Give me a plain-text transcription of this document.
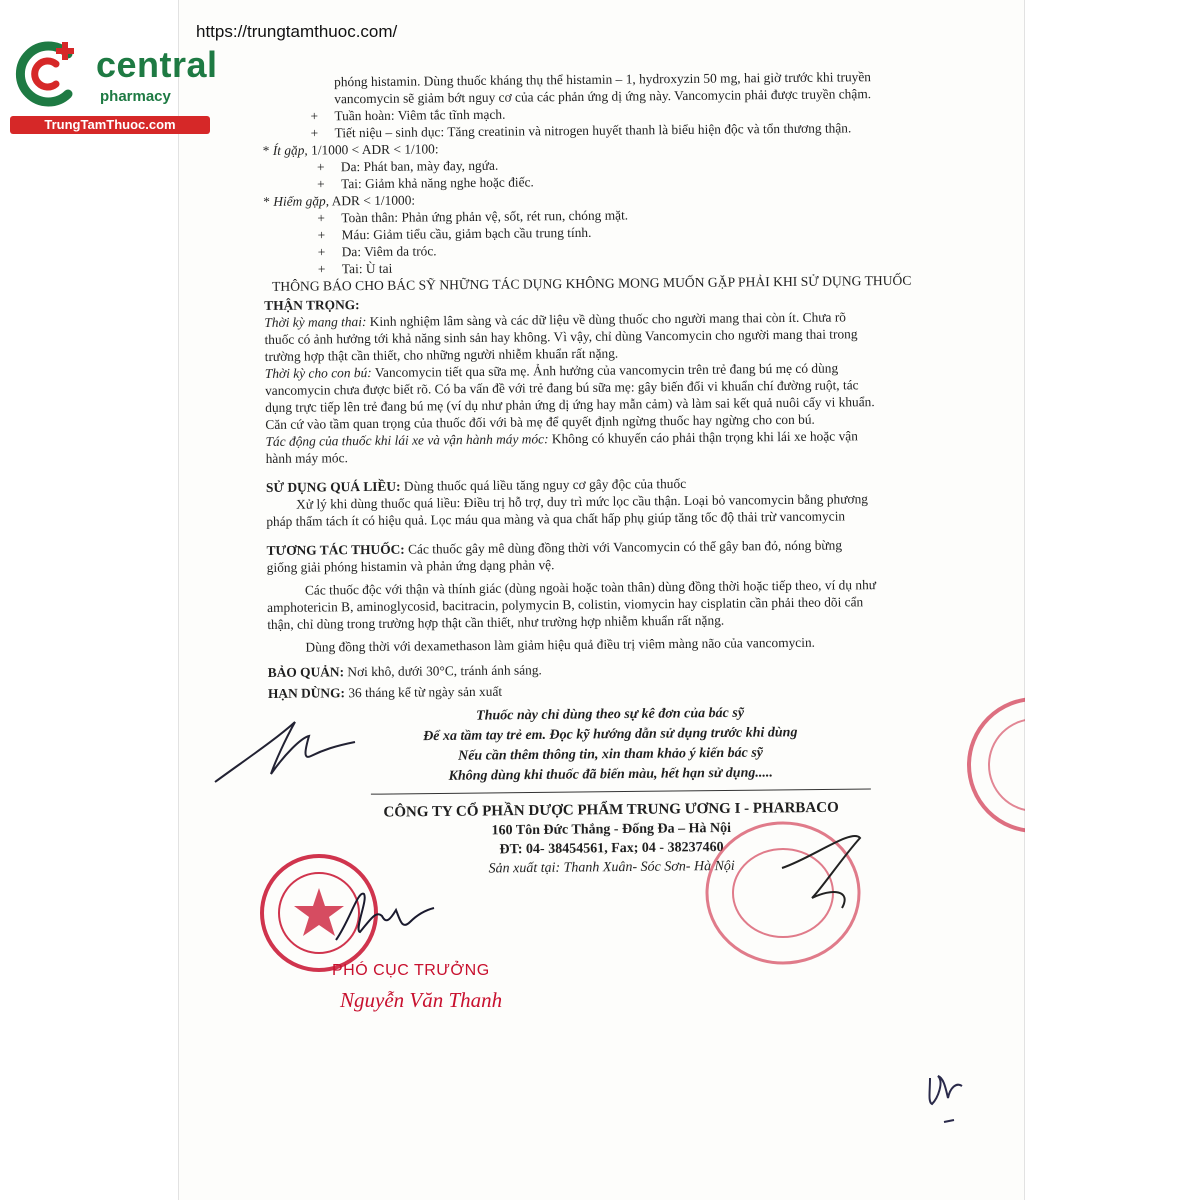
https://trungtamthuoc.com/
central
pharmacy
TrungTamThuoc.com

phóng histamin. Dùng thuốc kháng thụ thể histamin – 1, hydroxyzin 50 mg, hai giờ trước khi truyền

vancomycin sẽ giảm bớt nguy cơ của các phản ứng dị ứng này. Vancomycin phải được truyền chậm.

+ Tuần hoàn: Viêm tắc tĩnh mạch.

+ Tiết niệu – sinh dục: Tăng creatinin và nitrogen huyết thanh là biểu hiện độc và tổn thương thận.

* Ít gặp, 1/1000 < ADR < 1/100:

+ Da: Phát ban, mày đay, ngứa.

+ Tai: Giảm khả năng nghe hoặc điếc.

* Hiếm gặp, ADR < 1/1000:

+ Toàn thân: Phản ứng phản vệ, sốt, rét run, chóng mặt.

+ Máu: Giảm tiểu cầu, giảm bạch cầu trung tính.

+ Da: Viêm da tróc.

+ Tai: Ù tai

THÔNG BÁO CHO BÁC SỸ NHỮNG TÁC DỤNG KHÔNG MONG MUỐN GẶP PHẢI KHI SỬ DỤNG THUỐC

THẬN TRỌNG:

Thời kỳ mang thai: Kinh nghiệm lâm sàng và các dữ liệu về dùng thuốc cho người mang thai còn ít. Chưa rõ

thuốc có ảnh hưởng tới khả năng sinh sản hay không. Vì vậy, chỉ dùng Vancomycin cho người mang thai trong

trường hợp thật cần thiết, cho những người nhiễm khuẩn rất nặng.

Thời kỳ cho con bú: Vancomycin tiết qua sữa mẹ. Ảnh hưởng của vancomycin trên trẻ đang bú mẹ có dùng

vancomycin chưa được biết rõ. Có ba vấn đề với trẻ đang bú sữa mẹ: gây biến đổi vi khuẩn chí đường ruột, tác

dụng trực tiếp lên trẻ đang bú mẹ (ví dụ như phản ứng dị ứng hay mẫn cảm) và làm sai kết quả nuôi cấy vi khuẩn.

Căn cứ vào tầm quan trọng của thuốc đối với bà mẹ để quyết định ngừng thuốc hay ngừng cho con bú.

Tác động của thuốc khi lái xe và vận hành máy móc: Không có khuyến cáo phải thận trọng khi lái xe hoặc vận

hành máy móc.

SỬ DỤNG QUÁ LIỀU: Dùng thuốc quá liều tăng nguy cơ gây độc của thuốc

Xử lý khi dùng thuốc quá liều: Điều trị hỗ trợ, duy trì mức lọc cầu thận. Loại bỏ vancomycin bằng phương

pháp thẩm tách ít có hiệu quả. Lọc máu qua màng và qua chất hấp phụ giúp tăng tốc độ thải trừ vancomycin

TƯƠNG TÁC THUỐC: Các thuốc gây mê dùng đồng thời với Vancomycin có thể gây ban đỏ, nóng bừng

giống giải phóng histamin và phản ứng dạng phản vệ.

Các thuốc độc với thận và thính giác (dùng ngoài hoặc toàn thân) dùng đồng thời hoặc tiếp theo, ví dụ như

amphotericin B, aminoglycosid, bacitracin, polymycin B, colistin, viomycin hay cisplatin cần phải theo dõi cẩn

thận, chỉ dùng trong trường hợp thật cần thiết, như trường hợp nhiễm khuẩn rất nặng.

Dùng đồng thời với dexamethason làm giảm hiệu quả điều trị viêm màng não của vancomycin.

BẢO QUẢN: Nơi khô, dưới 30°C, tránh ánh sáng.

HẠN DÙNG: 36 tháng kể từ ngày sản xuất

Thuốc này chỉ dùng theo sự kê đơn của bác sỹ
Để xa tầm tay trẻ em. Đọc kỹ hướng dẫn sử dụng trước khi dùng
Nếu cần thêm thông tin, xin tham khảo ý kiến bác sỹ
Không dùng khi thuốc đã biến màu, hết hạn sử dụng.....
CÔNG TY CỔ PHẦN DƯỢC PHẨM TRUNG ƯƠNG I - PHARBACO
160 Tôn Đức Thắng - Đống Đa – Hà Nội
ĐT: 04- 38454561, Fax; 04 - 38237460
Sản xuất tại: Thanh Xuân- Sóc Sơn- Hà Nội
PHÓ CỤC TRƯỞNG
Nguyễn Văn Thanh
